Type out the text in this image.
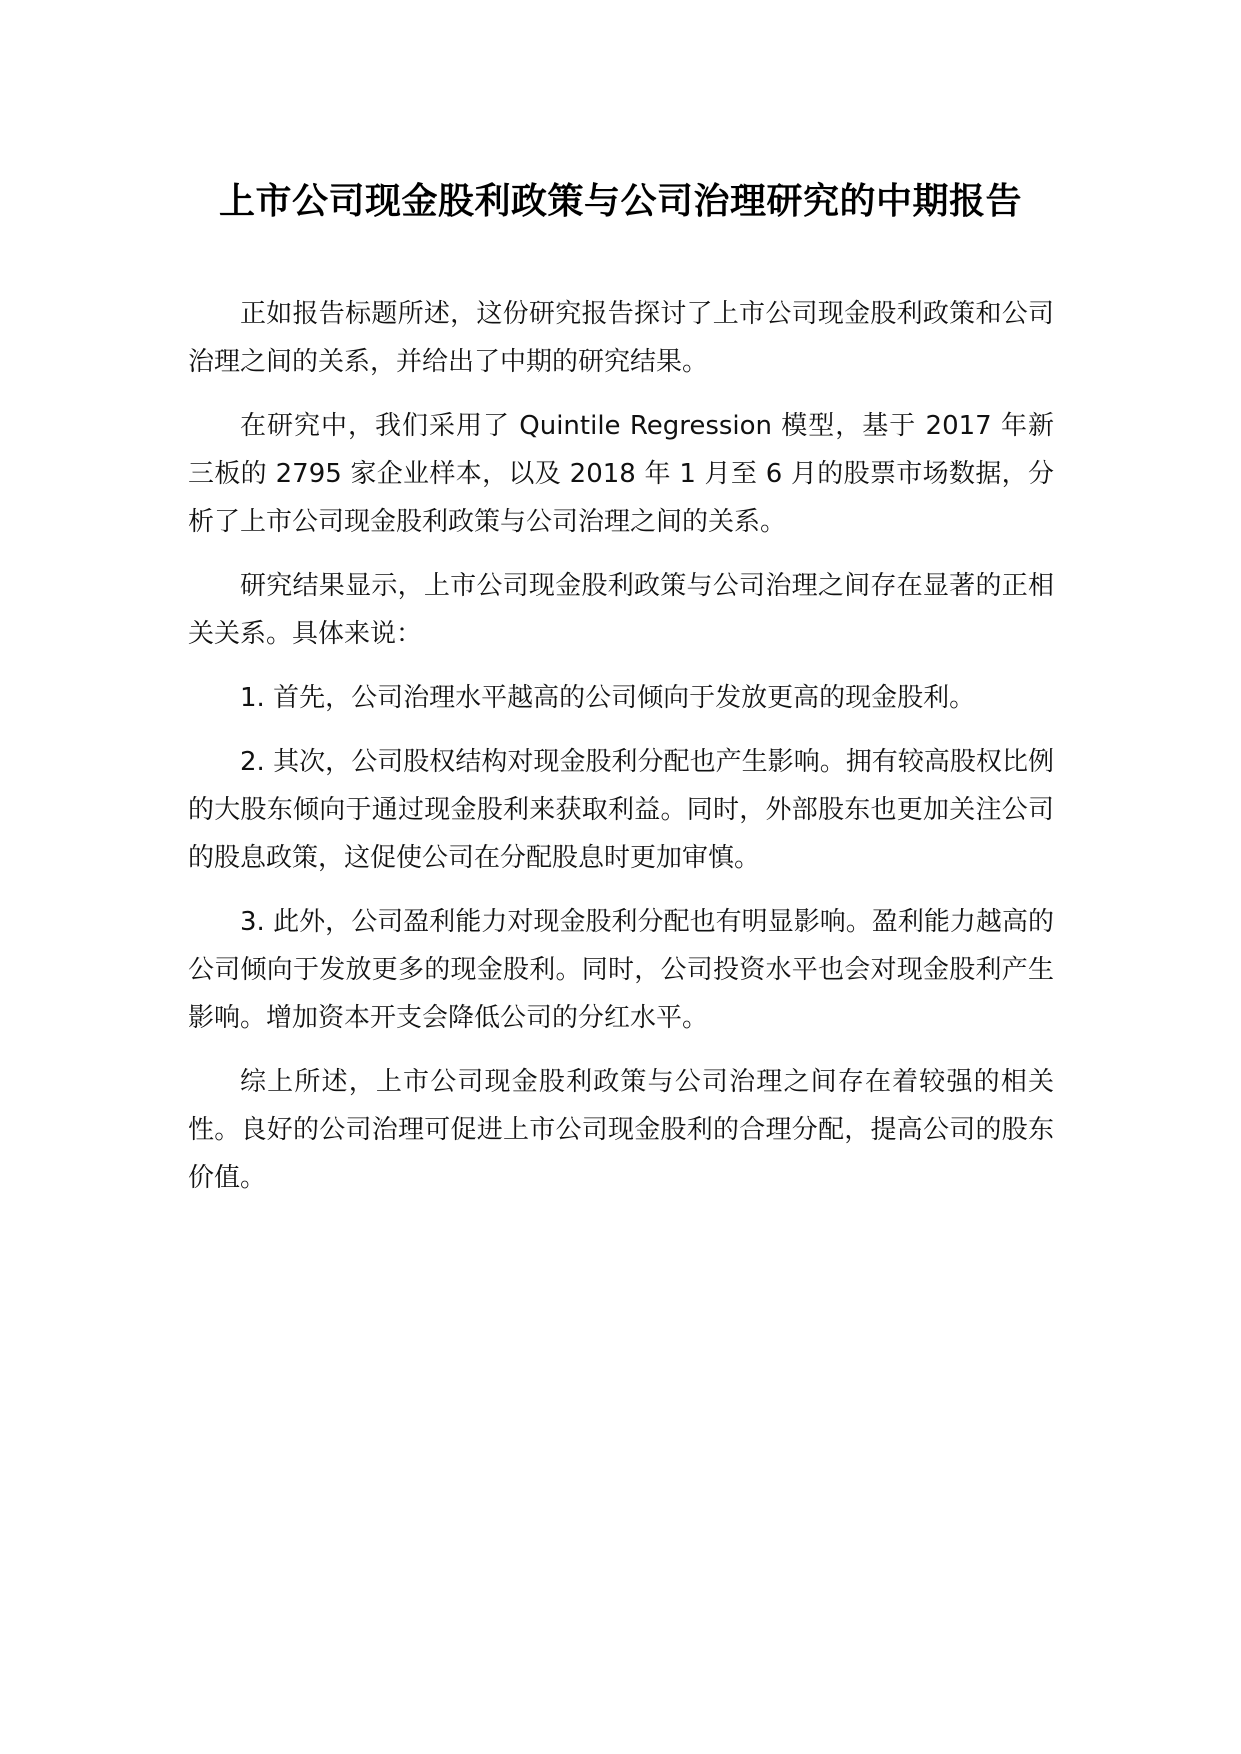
上市公司现金股利政策与公司治理研究的中期报告

正如报告标题所述，这份研究报告探讨了上市公司现金股利政策和公司治理之间的关系，并给出了中期的研究结果。

在研究中，我们采用了 Quintile Regression 模型，基于 2017 年新三板的 2795 家企业样本，以及 2018 年 1 月至 6 月的股票市场数据，分析了上市公司现金股利政策与公司治理之间的关系。

研究结果显示，上市公司现金股利政策与公司治理之间存在显著的正相关关系。具体来说：

1. 首先，公司治理水平越高的公司倾向于发放更高的现金股利。

2. 其次，公司股权结构对现金股利分配也产生影响。拥有较高股权比例的大股东倾向于通过现金股利来获取利益。同时，外部股东也更加关注公司的股息政策，这促使公司在分配股息时更加审慎。

3. 此外，公司盈利能力对现金股利分配也有明显影响。盈利能力越高的公司倾向于发放更多的现金股利。同时，公司投资水平也会对现金股利产生影响。增加资本开支会降低公司的分红水平。

综上所述，上市公司现金股利政策与公司治理之间存在着较强的相关性。良好的公司治理可促进上市公司现金股利的合理分配，提高公司的股东价值。
